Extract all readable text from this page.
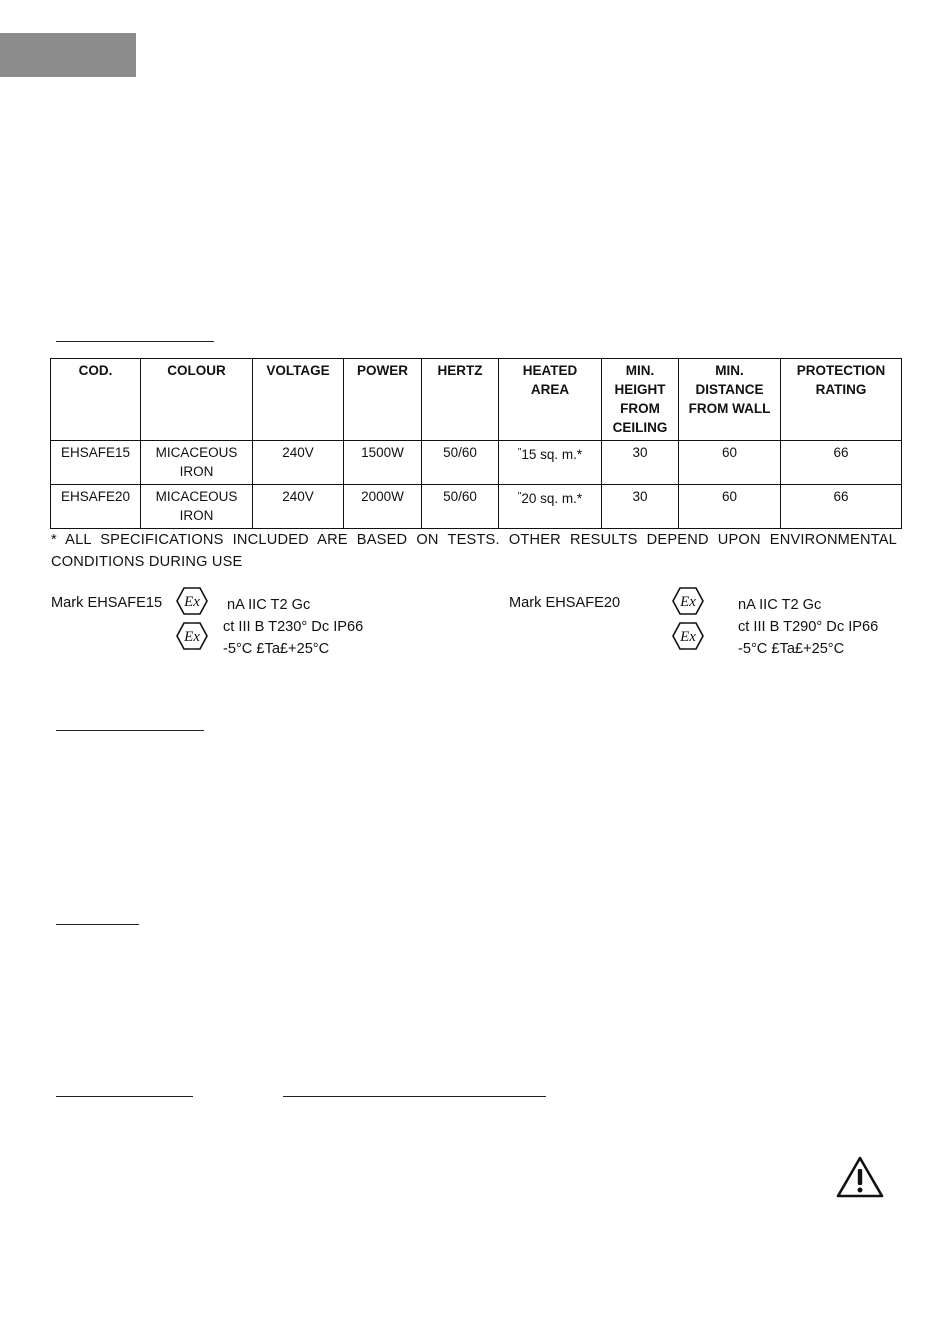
COD.	COLOUR	VOLTAGE	POWER	HERTZ	HEATED AREA	MIN. HEIGHT FROM CEILING	MIN. DISTANCE FROM WALL	PROTECTION RATING
EHSAFE15	MICACEOUS IRON	240V	1500W	50/60	"15 sq. m.*	30	60	66
EHSAFE20	MICACEOUS IRON	240V	2000W	50/60	"20 sq. m.*	30	60	66
* ALL SPECIFICATIONS INCLUDED ARE BASED ON TESTS. OTHER RESULTS DEPEND UPON ENVIRONMENTAL CONDITIONS DURING USE
Mark EHSAFE15 Ex nA IIC T2 Gc
Ex
ct III B T230° Dc IP66
-5°C £Ta£+25°C
Mark EHSAFE20	Ex	nA IIC T2 Gc
Ex
ct III B T290° Dc IP66
-5°C £Ta£+25°C
